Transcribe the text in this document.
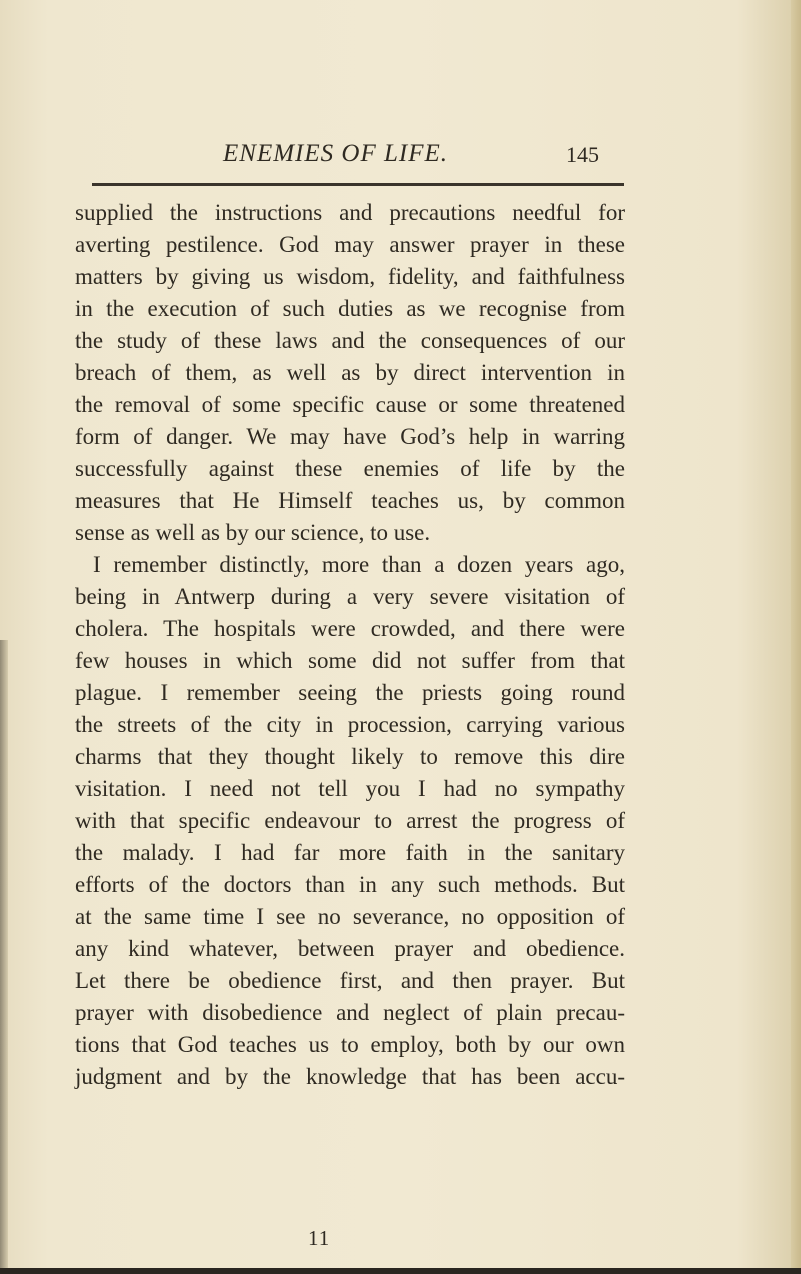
ENEMIES OF LIFE.	145
supplied the instructions and precautions needful for
averting pestilence. God may answer prayer in these
matters by giving us wisdom, fidelity, and faithfulness
in the execution of such duties as we recognise from
the study of these laws and the consequences of our
breach of them, as well as by direct intervention in
the removal of some specific cause or some threatened
form of danger. We may have God’s help in warring
successfully against these enemies of life by the
measures that He Himself teaches us, by common
sense as well as by our science, to use.
I remember distinctly, more than a dozen years ago,
being in Antwerp during a very severe visitation of
cholera. The hospitals were crowded, and there were
few houses in which some did not suffer from that
plague. I remember seeing the priests going round
the streets of the city in procession, carrying various
charms that they thought likely to remove this dire
visitation. I need not tell you I had no sympathy
with that specific endeavour to arrest the progress of
the malady. I had far more faith in the sanitary
efforts of the doctors than in any such methods. But
at the same time I see no severance, no opposition of
any kind whatever, between prayer and obedience.
Let there be obedience first, and then prayer. But
prayer with disobedience and neglect of plain precau-
tions that God teaches us to employ, both by our own
judgment and by the knowledge that has been accu-
11
